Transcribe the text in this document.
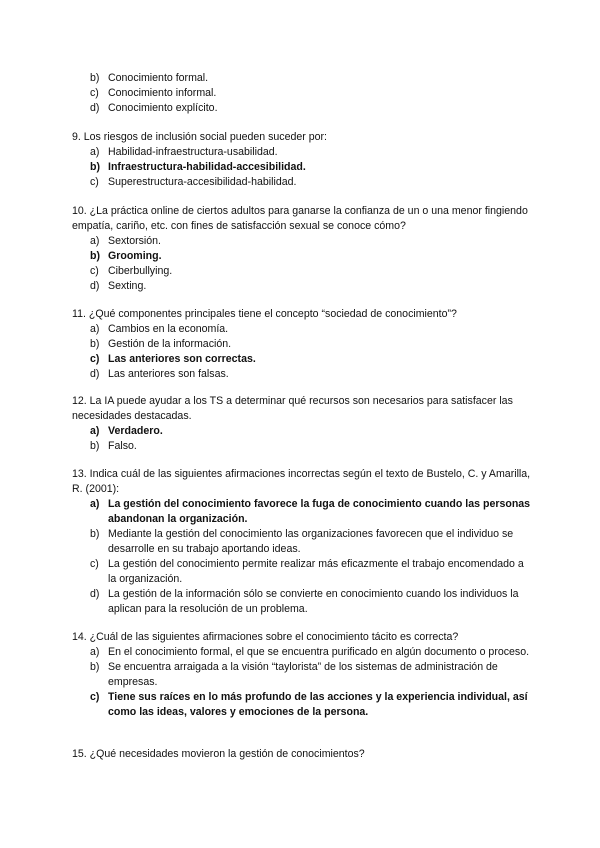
b) Conocimiento formal.
c) Conocimiento informal.
d) Conocimiento explícito.

9. Los riesgos de inclusión social pueden suceder por:

a) Habilidad-infraestructura-usabilidad.
b) Infraestructura-habilidad-accesibilidad.
c) Superestructura-accesibilidad-habilidad.

10. ¿La práctica online de ciertos adultos para ganarse la confianza de un o una menor fingiendo empatía, cariño, etc. con fines de satisfacción sexual se conoce cómo?

a) Sextorsión.
b) Grooming.
c) Ciberbullying.
d) Sexting.

11. ¿Qué componentes principales tiene el concepto “sociedad de conocimiento”?

a) Cambios en la economía.
b) Gestión de la información.
c) Las anteriores son correctas.
d) Las anteriores son falsas.

12. La IA puede ayudar a los TS a determinar qué recursos son necesarios para satisfacer las necesidades destacadas.

a) Verdadero.
b) Falso.

13. Indica cuál de las siguientes afirmaciones incorrectas según el texto de Bustelo, C. y Amarilla, R. (2001):

a) La gestión del conocimiento favorece la fuga de conocimiento cuando las personas abandonan la organización.
b) Mediante la gestión del conocimiento las organizaciones favorecen que el individuo se desarrolle en su trabajo aportando ideas.
c) La gestión del conocimiento permite realizar más eficazmente el trabajo encomendado a la organización.
d) La gestión de la información sólo se convierte en conocimiento cuando los individuos la aplican para la resolución de un problema.

14. ¿Cuál de las siguientes afirmaciones sobre el conocimiento tácito es correcta?

a) En el conocimiento formal, el que se encuentra purificado en algún documento o proceso.
b) Se encuentra arraigada a la visión “taylorista” de los sistemas de administración de empresas.
c) Tiene sus raíces en lo más profundo de las acciones y la experiencia individual, así como las ideas, valores y emociones de la persona.

15. ¿Qué necesidades movieron la gestión de conocimientos?
